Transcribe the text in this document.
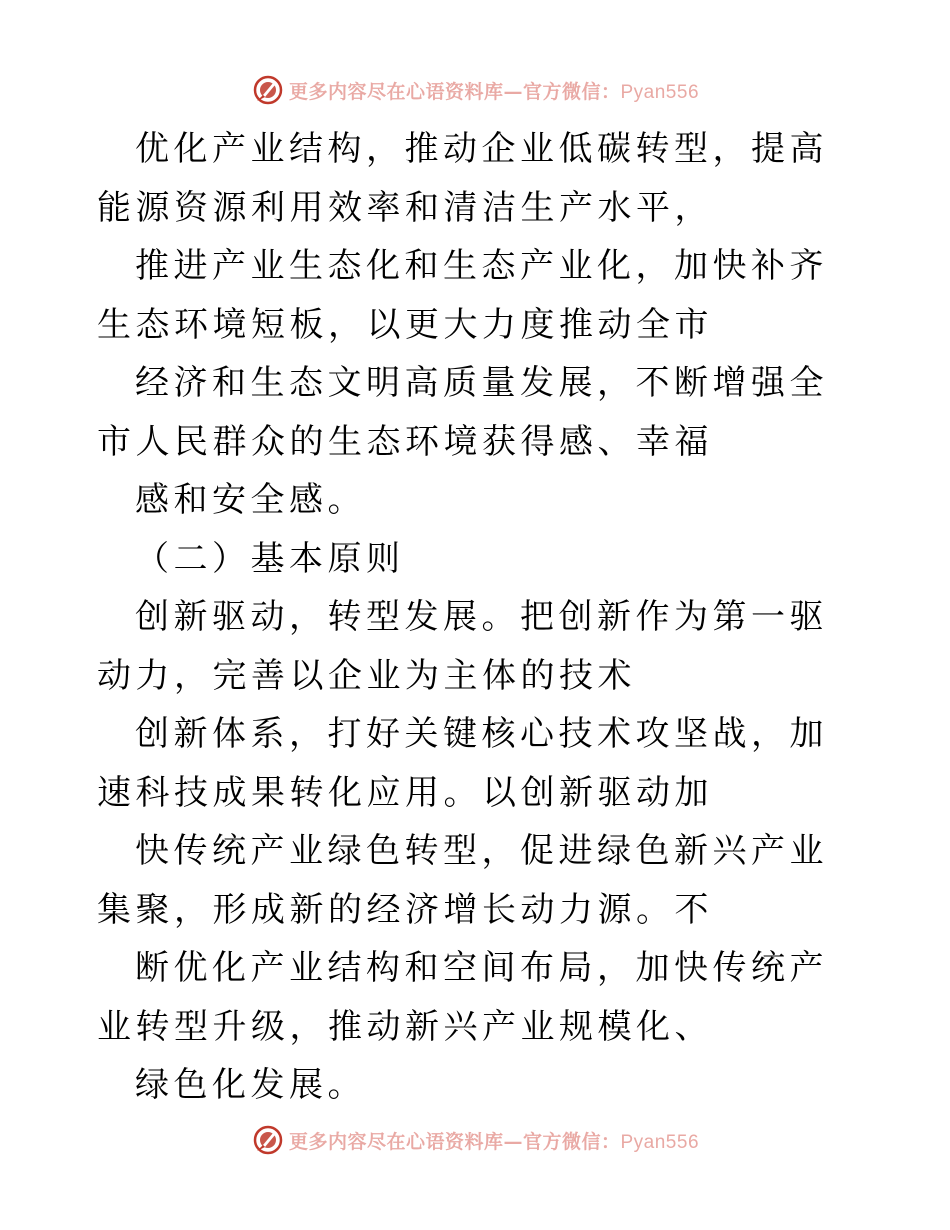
更多内容尽在心语资料库—官方微信：Pyan556

优化产业结构，推动企业低碳转型，提高能源资源利用效率和清洁生产水平，

推进产业生态化和生态产业化，加快补齐生态环境短板，以更大力度推动全市

经济和生态文明高质量发展，不断增强全市人民群众的生态环境获得感、幸福

感和安全感。

（二）基本原则

创新驱动，转型发展。把创新作为第一驱动力，完善以企业为主体的技术

创新体系，打好关键核心技术攻坚战，加速科技成果转化应用。以创新驱动加

快传统产业绿色转型，促进绿色新兴产业集聚，形成新的经济增长动力源。不

断优化产业结构和空间布局，加快传统产业转型升级，推动新兴产业规模化、

绿色化发展。

更多内容尽在心语资料库—官方微信：Pyan556
